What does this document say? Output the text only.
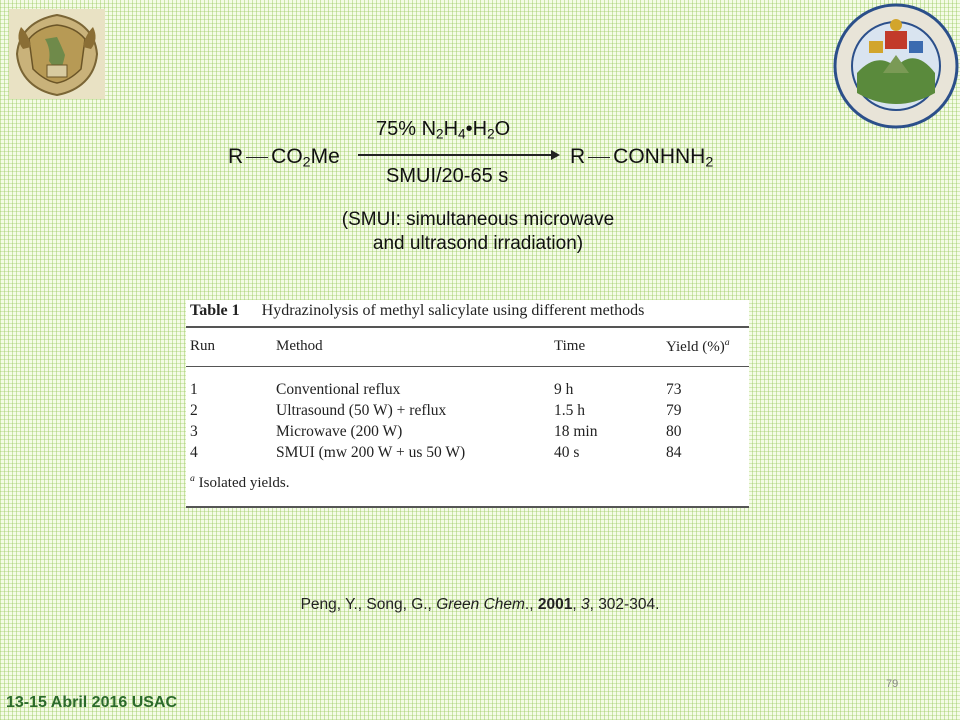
R $CO_2Me$
75% $N_2H_4•H_2O$
SMUI/20-65 s
R $CONHNH_2$
(SMUI: simultaneous microwave
and ultrasond irradiation)
Table 1 Hydrazinolysis of methyl salicylate using different methods
Run	Method	Time	Yield (%)$^a$
1	Conventional reflux	9 h	73
2	Ultrasound (50 W) + reflux	1.5 h	79
3	Microwave (200 W)	18 min	80
4	SMUI (mw 200 W + us 50 W)	40 s	84
$^a$ Isolated yields.
Peng, Y., Song, G., Green Chem., 2001, 3, 302-304.
79
13-15 Abril 2016 USAC
